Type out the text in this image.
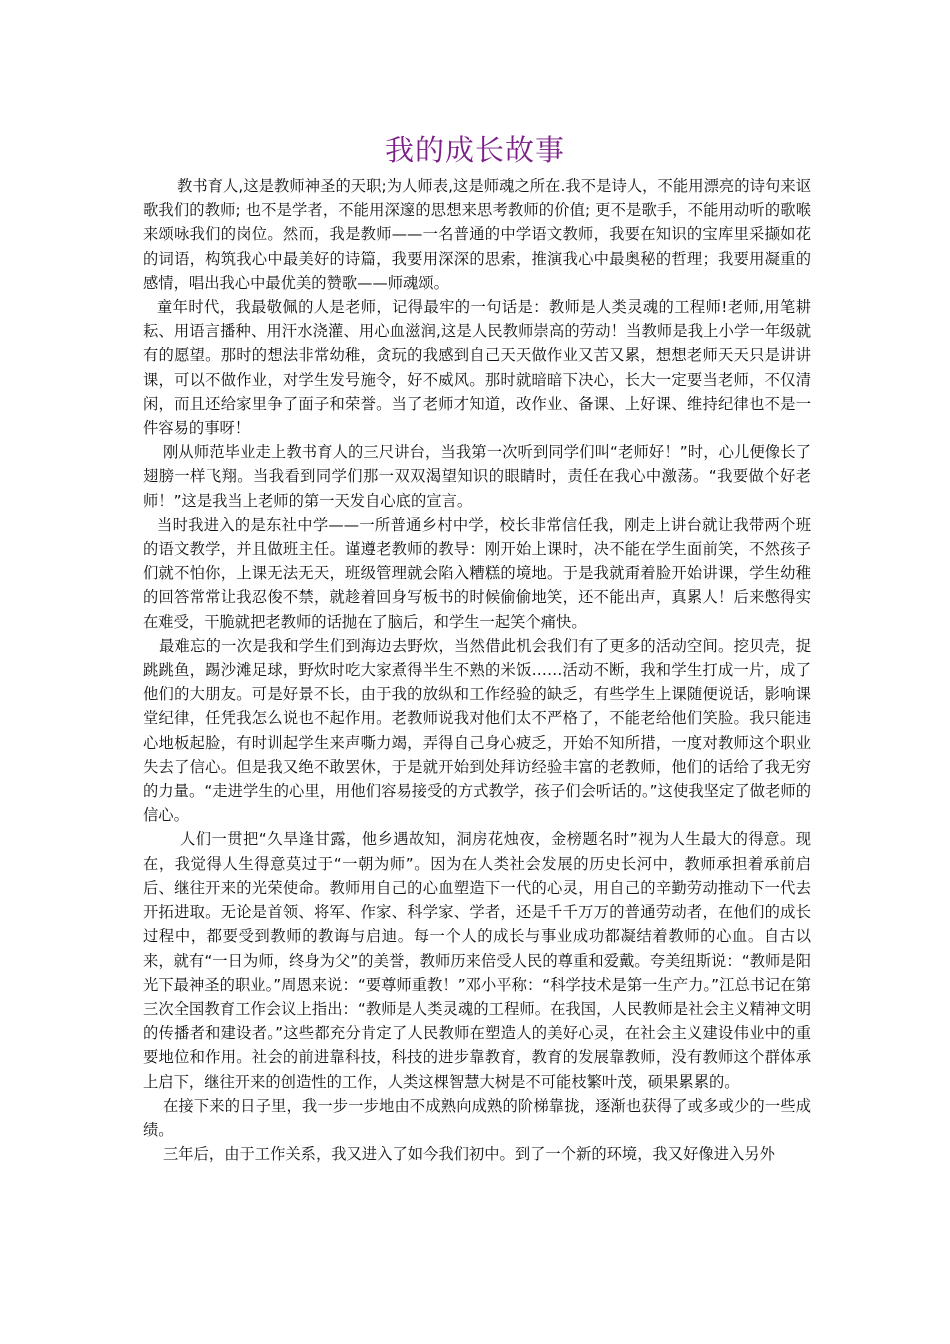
我的成长故事

教书育人,这是教师神圣的天职;为人师表,这是师魂之所在.我不是诗人，不能用漂亮的诗句来讴歌我们的教师; 也不是学者，不能用深邃的思想来思考教师的价值; 更不是歌手，不能用动听的歌喉来颂咏我们的岗位。然而，我是教师——一名普通的中学语文教师，我要在知识的宝库里采撷如花的词语，构筑我心中最美好的诗篇，我要用深深的思索，推演我心中最奥秘的哲理；我要用凝重的感情，唱出我心中最优美的赞歌——师魂颂。

童年时代，我最敬佩的人是老师，记得最牢的一句话是：教师是人类灵魂的工程师!老师,用笔耕耘、用语言播种、用汗水浇灌、用心血滋润,这是人民教师崇高的劳动！当教师是我上小学一年级就有的愿望。那时的想法非常幼稚，贪玩的我感到自己天天做作业又苦又累，想想老师天天只是讲讲课，可以不做作业，对学生发号施令，好不威风。那时就暗暗下决心，长大一定要当老师，不仅清闲，而且还给家里争了面子和荣誉。当了老师才知道，改作业、备课、上好课、维持纪律也不是一件容易的事呀！

刚从师范毕业走上教书育人的三尺讲台，当我第一次听到同学们叫“老师好！”时，心儿便像长了翅膀一样飞翔。当我看到同学们那一双双渴望知识的眼睛时，责任在我心中激荡。“我要做个好老师！”这是我当上老师的第一天发自心底的宣言。

当时我进入的是东社中学——一所普通乡村中学，校长非常信任我，刚走上讲台就让我带两个班的语文教学，并且做班主任。谨遵老教师的教导：刚开始上课时，决不能在学生面前笑，不然孩子们就不怕你，上课无法无天，班级管理就会陷入糟糕的境地。于是我就甭着脸开始讲课，学生幼稚的回答常常让我忍俊不禁，就趁着回身写板书的时候偷偷地笑，还不能出声，真累人！后来憋得实在难受，干脆就把老教师的话抛在了脑后，和学生一起笑个痛快。

最难忘的一次是我和学生们到海边去野炊，当然借此机会我们有了更多的活动空间。挖贝壳，捉跳跳鱼，踢沙滩足球，野炊时吃大家煮得半生不熟的米饭……活动不断，我和学生打成一片，成了他们的大朋友。可是好景不长，由于我的放纵和工作经验的缺乏，有些学生上课随便说话，影响课堂纪律，任凭我怎么说也不起作用。老教师说我对他们太不严格了，不能老给他们笑脸。我只能违心地板起脸，有时训起学生来声嘶力竭，弄得自己身心疲乏，开始不知所措，一度对教师这个职业失去了信心。但是我又绝不敢罢休，于是就开始到处拜访经验丰富的老教师，他们的话给了我无穷的力量。“走进学生的心里，用他们容易接受的方式教学，孩子们会听话的。”这使我坚定了做老师的信心。

人们一贯把“久旱逢甘露，他乡遇故知，洞房花烛夜，金榜题名时”视为人生最大的得意。现在，我觉得人生得意莫过于“一朝为师”。因为在人类社会发展的历史长河中，教师承担着承前启后、继往开来的光荣使命。教师用自己的心血塑造下一代的心灵，用自己的辛勤劳动推动下一代去开拓进取。无论是首领、将军、作家、科学家、学者，还是千千万万的普通劳动者，在他们的成长过程中，都要受到教师的教诲与启迪。每一个人的成长与事业成功都凝结着教师的心血。自古以来，就有“一日为师，终身为父”的美誉，教师历来倍受人民的尊重和爱戴。夸美纽斯说：“教师是阳光下最神圣的职业。”周恩来说：“要尊师重教！”邓小平称：“科学技术是第一生产力。”江总书记在第三次全国教育工作会议上指出：“教师是人类灵魂的工程师。在我国，人民教师是社会主义精神文明的传播者和建设者。”这些都充分肯定了人民教师在塑造人的美好心灵，在社会主义建设伟业中的重要地位和作用。社会的前进靠科技，科技的进步靠教育，教育的发展靠教师，没有教师这个群体承上启下，继往开来的创造性的工作，人类这棵智慧大树是不可能枝繁叶茂，硕果累累的。

在接下来的日子里，我一步一步地由不成熟向成熟的阶梯靠拢，逐渐也获得了或多或少的一些成绩。

三年后，由于工作关系，我又进入了如今我们初中。到了一个新的环境，我又好像进入另外
